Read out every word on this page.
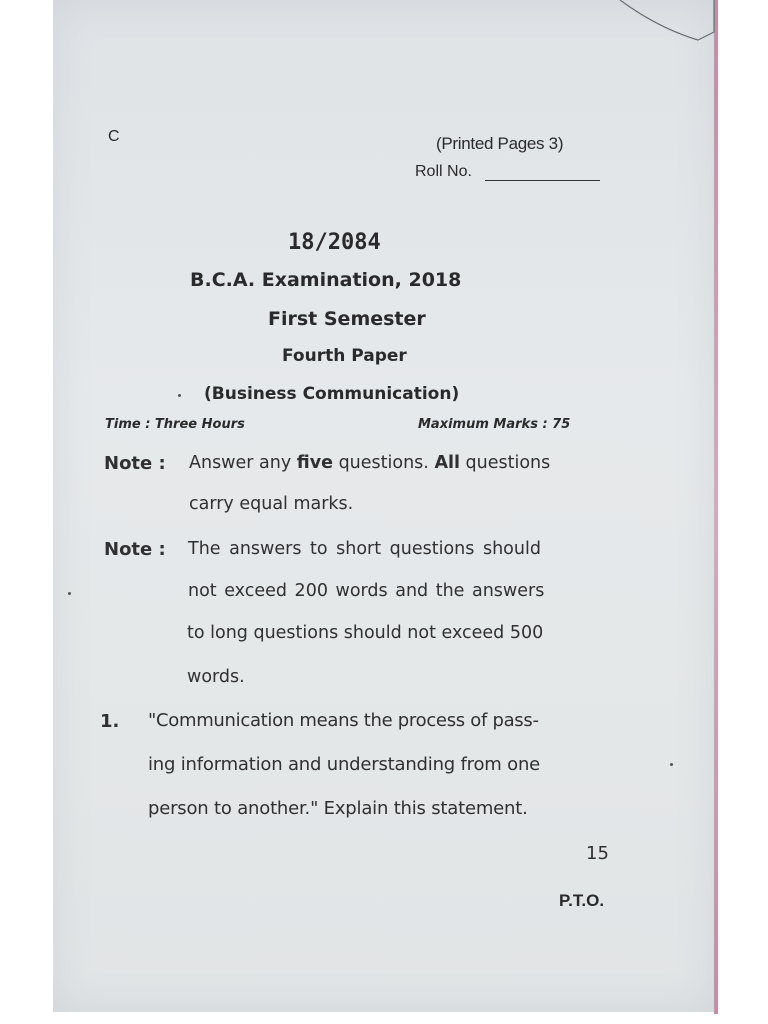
C	(Printed Pages 3)
Roll No.
18/2084
B.C.A. Examination, 2018
First Semester
Fourth Paper
(Business Communication)
Time : Three Hours	Maximum Marks : 75
Note : Answer any five questions. All questions
carry equal marks.
Note : The answers to short questions should
not exceed 200 words and the answers
to long questions should not exceed 500
words.
1. "Communication means the process of pass-
ing information and understanding from one
person to another." Explain this statement.
15
P.T.O.
